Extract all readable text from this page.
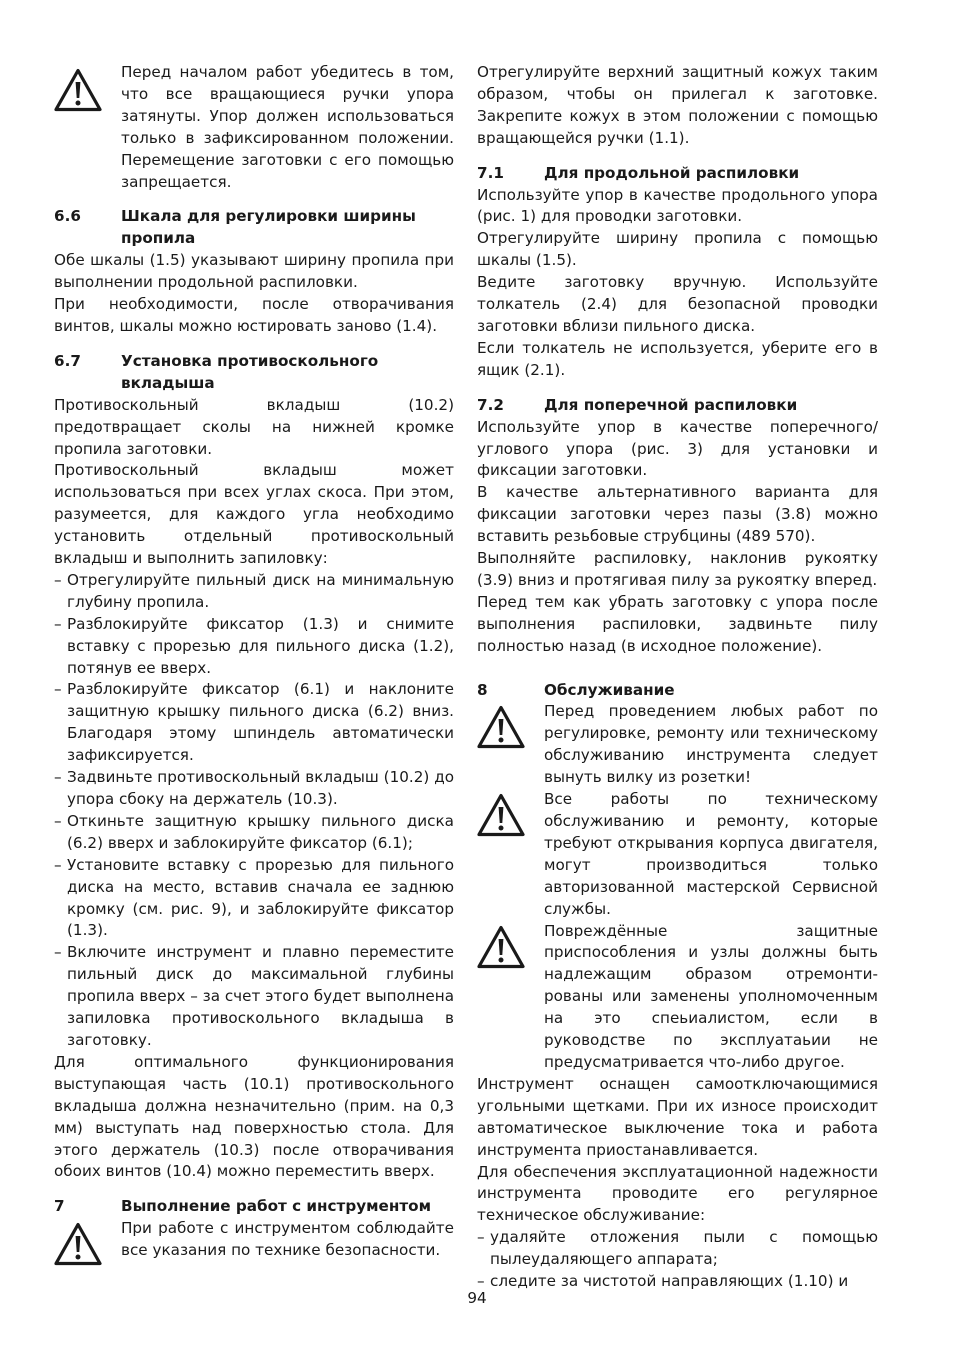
Перед началом работ убедитесь в том, что все вращающиеся ручки упора затянуты. Упор должен использоваться только в зафиксированном положении. Перемещение заготовки с его помощью запрещается.
6.6	Шкала для регулировки ширины пропила

Обе шкалы (1.5) указывают ширину пропила при выполнении продольной распиловки.

При необходимости, после отворачивания винтов, шкалы можно юстировать заново (1.4).

6.7	Установка противоскольного вкладыша

Противоскольный вкладыш (10.2) предотвращает сколы на нижней кромке пропила заготовки.

Противоскольный вкладыш может использоваться при всех углах скоса. При этом, разумеется, для каждого угла необходимо установить отдельный противоскольный вкладыш и выполнить запиловку:

– Отрегулируйте пильный диск на минимальную глубину пропила.
– Разблокируйте фиксатор (1.3) и снимите вставку с прорезью для пильного диска (1.2), потянув ее вверх.
– Разблокируйте фиксатор (6.1) и наклоните защитную крышку пильного диска (6.2) вниз. Благодаря этому шпиндель автоматически зафиксируется.
– Задвиньте противоскольный вкладыш (10.2) до упора сбоку на держатель (10.3).
– Откиньте защитную крышку пильного диска (6.2) вверх и заблокируйте фиксатор (6.1);
– Установите вставку с прорезью для пильного диска на место, вставив сначала ее заднюю кромку (см. рис. 9), и заблокируйте фиксатор (1.3).
– Включите инструмент и плавно переместите пильный диск до максимальной глубины пропила вверх – за счет этого будет выполнена запиловка противоскольного вкладыша в заготовку.

Для оптимального функционирования выступающая часть (10.1) противоскольного вкладыша должна незначительно (прим. на 0,3 мм) выступать над поверхностью стола. Для этого держатель (10.3) после отворачивания обоих винтов (10.4) можно переместить вверх.

7	Выполнение работ с инструментом
При работе с инструментом соблюдайте все указания по технике безопасности.

Отрегулируйте верхний защитный кожух таким образом, чтобы он прилегал к заготовке. Закрепите кожух в этом положении с помощью вращающейся ручки (1.1).

7.1	Для продольной распиловки

Используйте упор в качестве продольного упора (рис. 1) для проводки заготовки.

Отрегулируйте ширину пропила с помощью шкалы (1.5).

Ведите заготовку вручную. Используйте толкатель (2.4) для безопасной проводки заготовки вблизи пильного диска.

Если толкатель не используется, уберите его в ящик (2.1).

7.2	Для поперечной распиловки

Используйте упор в качестве поперечного/углового упора (рис. 3) для установки и фиксации заготовки.

В качестве альтернативного варианта для фиксации заготовки через пазы (3.8) можно вставить резьбовые струбцины (489 570).

Выполняйте распиловку, наклонив рукоятку (3.9) вниз и протягивая пилу за рукоятку вперед.

Перед тем как убрать заготовку с упора после выполнения распиловки, задвиньте пилу полностью назад (в исходное положение).

8	Обслуживание
Перед проведением любых работ по регулировке, ремонту или техническому обслуживанию инструмента следует вынуть вилку из розетки!
Все работы по техническому обслуживанию и ремонту, которые требуют открывания корпуса двигателя, могут производиться только авторизованной мастерской Сервисной службы.
Повреждённые защитные приспособления и узлы должны быть надлежащим образом отремонти-рованы или заменены уполномоченным на это спеьиалистом, если в руководстве по эксплуатаьии не предусматривается что-либо другое.

Инструмент оснащен самоотключающимися угольными щетками. При их износе происходит автоматическое выключение тока и работа инструмента приостанавливается.

Для обеспечения эксплуатационной надежности инструмента проводите его регулярное техническое обслуживание:

– удаляйте отложения пыли с помощью пылеудаляющего аппарата;
– следите за чистотой направляющих (1.10) и
94
